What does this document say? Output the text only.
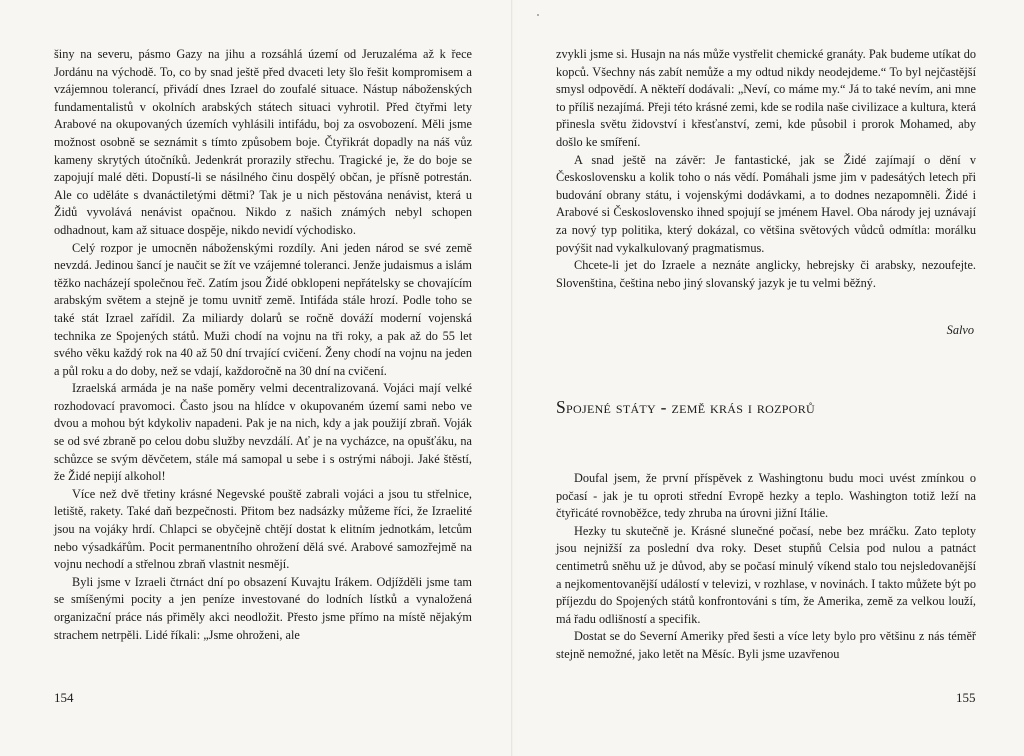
šiny na severu, pásmo Gazy na jihu a rozsáhlá území od Jeruzaléma až k řece Jordánu na východě. To, co by snad ještě před dvaceti lety šlo řešit kompromisem a vzájemnou tolerancí, přivádí dnes Izrael do zoufalé situace. Nástup náboženských fundamentalistů v okolních arabských státech situaci vyhrotil. Před čtyřmi lety Arabové na okupovaných územích vyhlásili intifádu, boj za osvobození. Měli jsme možnost osobně se seznámit s tímto způsobem boje. Čtyřikrát dopadly na náš vůz kameny skrytých útočníků. Jedenkrát prorazily střechu. Tragické je, že do boje se zapojují malé děti. Dopustí-li se násilného činu dospělý občan, je přísně potrestán. Ale co uděláte s dvanáctiletými dětmi? Tak je u nich pěstována nenávist, která u Židů vyvolává nenávist opačnou. Nikdo z našich známých nebyl schopen odhadnout, kam až situace dospěje, nikdo nevidí východisko.

Celý rozpor je umocněn náboženskými rozdíly. Ani jeden národ se své země nevzdá. Jedinou šancí je naučit se žít ve vzájemné toleranci. Jenže judaismus a islám těžko nacházejí společnou řeč. Zatím jsou Židé obklopeni nepřátelsky se chovajícím arabským světem a stejně je tomu uvnitř země. Intifáda stále hrozí. Podle toho se také stát Izrael zařídil. Za miliardy dolarů se ročně dováží moderní vojenská technika ze Spojených států. Muži chodí na vojnu na tři roky, a pak až do 55 let svého věku každý rok na 40 až 50 dní trvající cvičení. Ženy chodí na vojnu na jeden a půl roku a do doby, než se vdají, každoročně na 30 dní na cvičení.

Izraelská armáda je na naše poměry velmi decentralizovaná. Vojáci mají velké rozhodovací pravomoci. Často jsou na hlídce v okupovaném území sami nebo ve dvou a mohou být kdykoliv napadeni. Pak je na nich, kdy a jak použijí zbraň. Voják se od své zbraně po celou dobu služby nevzdálí. Ať je na vycházce, na opušťáku, na schůzce se svým děvčetem, stále má samopal u sebe i s ostrými náboji. Jaké štěstí, že Židé nepijí alkohol!

Více než dvě třetiny krásné Negevské pouště zabrali vojáci a jsou tu střelnice, letiště, rakety. Také daň bezpečnosti. Přitom bez nadsázky můžeme říci, že Izraelité jsou na vojáky hrdí. Chlapci se obyčejně chtějí dostat k elitním jednotkám, letcům nebo výsadkářům. Pocit permanentního ohrožení dělá své. Arabové samozřejmě na vojnu nechodí a střelnou zbraň vlastnit nesmějí.

Byli jsme v Izraeli čtrnáct dní po obsazení Kuvajtu Irákem. Odjížděli jsme tam se smíšenými pocity a jen peníze investované do lodních lístků a vynaložená organizační práce nás přiměly akci neodložit. Přesto jsme přímo na místě nějakým strachem netrpěli. Lidé říkali: „Jsme ohroženi, ale

154

zvykli jsme si. Husajn na nás může vystřelit chemické granáty. Pak budeme utíkat do kopců. Všechny nás zabít nemůže a my odtud nikdy neodejdeme.“ To byl nejčastější smysl odpovědí. A někteří dodávali: „Neví, co máme my.“ Já to také nevím, ani mne to příliš nezajímá. Přeji této krásné zemi, kde se rodila naše civilizace a kultura, která přinesla světu židovství i křesťanství, zemi, kde působil i prorok Mohamed, aby došlo ke smíření.

A snad ještě na závěr: Je fantastické, jak se Židé zajímají o dění v Československu a kolik toho o nás vědí. Pomáhali jsme jim v padesátých letech při budování obrany státu, i vojenskými dodávkami, a to dodnes nezapomněli. Židé i Arabové si Československo ihned spojují se jménem Havel. Oba národy jej uznávají za nový typ politika, který dokázal, co většina světových vůdců odmítla: morálku povýšit nad vykalkulovaný pragmatismus.

Chcete-li jet do Izraele a neznáte anglicky, hebrejsky či arabsky, nezoufejte. Slovenština, čeština nebo jiný slovanský jazyk je tu velmi běžný.

Salvo

Spojené státy - země krás i rozporů

Doufal jsem, že první příspěvek z Washingtonu budu moci uvést zmínkou o počasí - jak je tu oproti střední Evropě hezky a teplo. Washington totiž leží na čtyřicáté rovnoběžce, tedy zhruba na úrovni jižní Itálie.

Hezky tu skutečně je. Krásné slunečné počasí, nebe bez mráčku. Zato teploty jsou nejnižší za poslední dva roky. Deset stupňů Celsia pod nulou a patnáct centimetrů sněhu už je důvod, aby se počasí minulý víkend stalo tou nejsledovanější a nejkomentovanější událostí v televizi, v rozhlase, v novinách. I takto můžete být po příjezdu do Spojených států konfrontováni s tím, že Amerika, země za velkou louží, má řadu odlišností a specifik.

Dostat se do Severní Ameriky před šesti a více lety bylo pro většinu z nás téměř stejně nemožné, jako letět na Měsíc. Byli jsme uzavřenou

155
